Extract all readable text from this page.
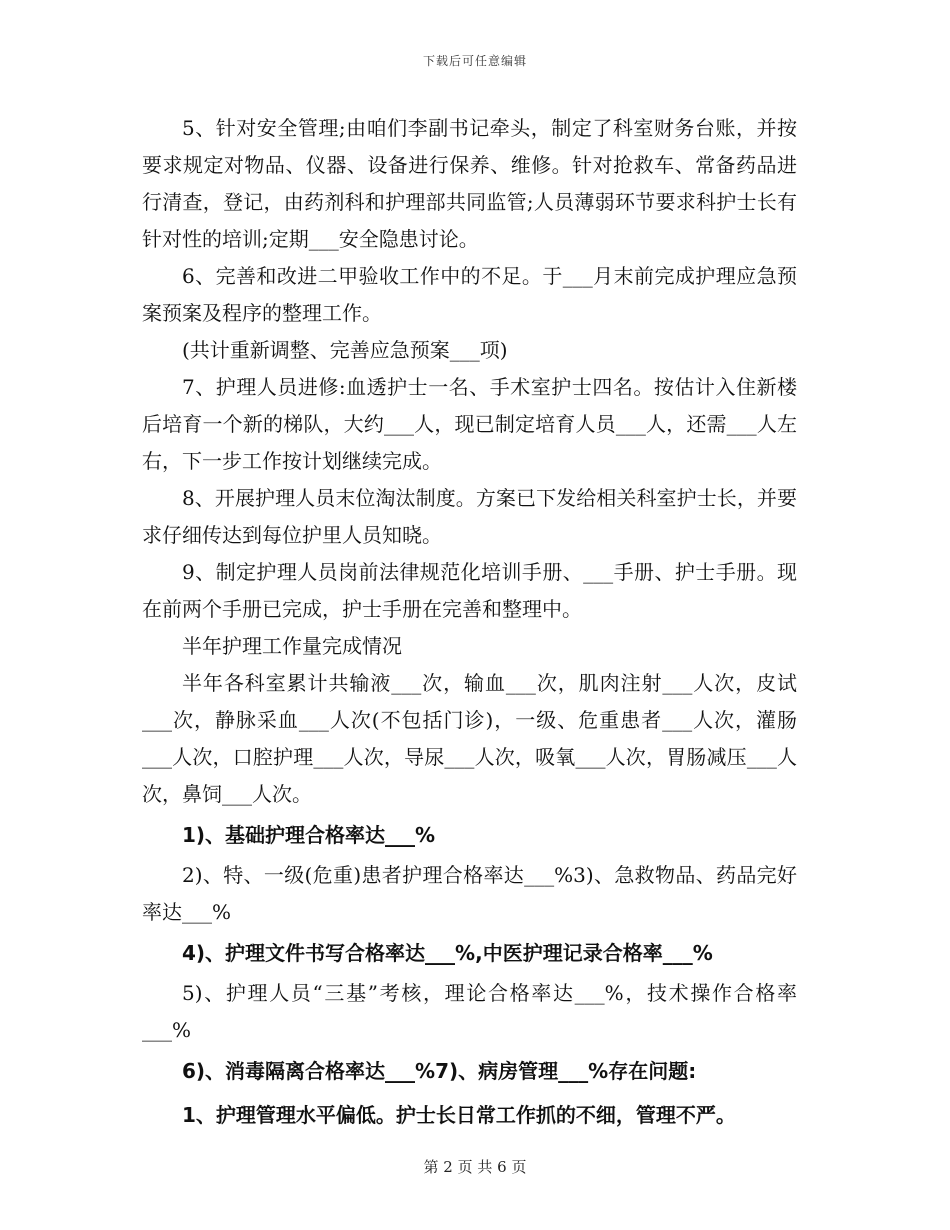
下载后可任意编辑

5、针对安全管理;由咱们李副书记牵头，制定了科室财务台账，并按要求规定对物品、仪器、设备进行保养、维修。针对抢救车、常备药品进行清查，登记，由药剂科和护理部共同监管;人员薄弱环节要求科护士长有针对性的培训;定期___安全隐患讨论。

6、完善和改进二甲验收工作中的不足。于___月末前完成护理应急预案预案及程序的整理工作。

(共计重新调整、完善应急预案___项)

7、护理人员进修:血透护士一名、手术室护士四名。按估计入住新楼后培育一个新的梯队，大约___人，现已制定培育人员___人，还需___人左右，下一步工作按计划继续完成。

8、开展护理人员末位淘汰制度。方案已下发给相关科室护士长，并要求仔细传达到每位护里人员知晓。

9、制定护理人员岗前法律规范化培训手册、___手册、护士手册。现在前两个手册已完成，护士手册在完善和整理中。

半年护理工作量完成情况

半年各科室累计共输液___次，输血___次，肌肉注射___人次，皮试___次，静脉采血___人次(不包括门诊)，一级、危重患者___人次，灌肠___人次，口腔护理___人次，导尿___人次，吸氧___人次，胃肠减压___人次，鼻饲___人次。

1)、基础护理合格率达___%

2)、特、一级(危重)患者护理合格率达___%3)、急救物品、药品完好率达___%

4)、护理文件书写合格率达___%,中医护理记录合格率___%

5)、护理人员“三基”考核，理论合格率达___%，技术操作合格率___%

6)、消毒隔离合格率达___%7)、病房管理___%存在问题:

1、护理管理水平偏低。护士长日常工作抓的不细，管理不严。

第 2 页 共 6 页
